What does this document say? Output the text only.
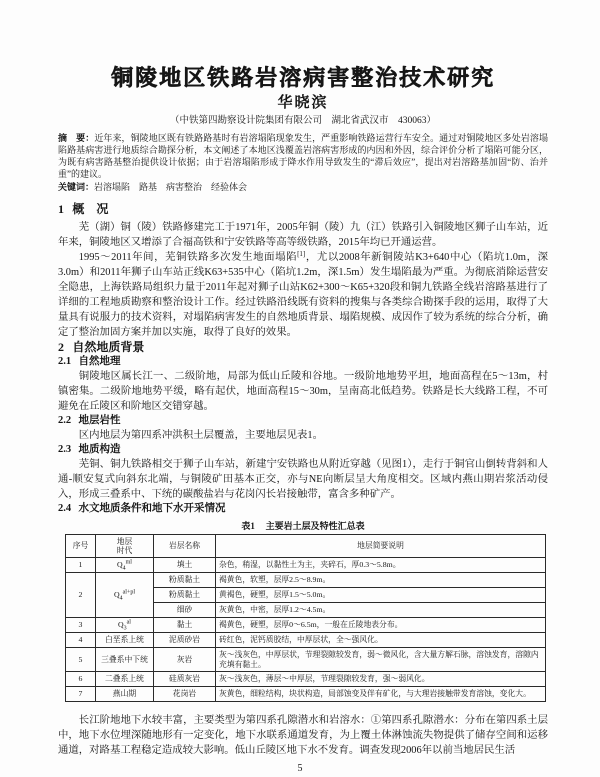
铜陵地区铁路岩溶病害整治技术研究
华晓滨
（中铁第四勘察设计院集团有限公司　湖北省武汉市　430063）

摘　要：近年来，铜陵地区既有铁路路基时有岩溶塌陷现象发生，严重影响铁路运营行车安全。通过对铜陵地区多处岩溶塌陷路基病害进行地质综合勘探分析，本文阐述了本地区浅覆盖岩溶病害形成的内因和外因，综合评价分析了塌陷可能分区，为既有病害路基整治提供设计依据；由于岩溶塌陷形成于降水作用导致发生的“滞后效应”，提出对岩溶路基加固“防、治并重”的建议。

关键词：岩溶塌陷　路基　病害整治　经验体会

1 概　况

芜（湖）铜（陵）铁路修建完工于1971年，2005年铜（陵）九（江）铁路引入铜陵地区狮子山车站，近年来，铜陵地区又增添了合福高铁和宁安铁路等高等级铁路，2015年均已开通运营。

1995～2011年间，芜铜铁路多次发生地面塌陷[1]，尤以2008年新铜陵站K3+640中心（陷坑1.0m，深3.0m）和2011年狮子山车站正线K63+535中心（陷坑1.2m，深1.5m）发生塌陷最为严重。为彻底消除运营安全隐患，上海铁路局组织力量于2011年起对狮子山站K62+300～K65+320段和铜九铁路全线岩溶路基进行了详细的工程地质勘察和整治设计工作。经过铁路沿线既有资料的搜集与各类综合勘探手段的运用，取得了大量具有说服力的技术资料，对塌陷病害发生的自然地质背景、塌陷规模、成因作了较为系统的综合分析，确定了整治加固方案并加以实施，取得了良好的效果。

2 自然地质背景
2.1 自然地理

铜陵地区属长江一、二级阶地，局部为低山丘陵和谷地。一级阶地地势平坦，地面高程在5～13m，村镇密集。二级阶地地势平缓，略有起伏，地面高程15～30m，呈南高北低趋势。铁路是长大线路工程，不可避免在丘陵区和阶地区交错穿越。

2.2 地层岩性

区内地层为第四系冲洪积土层覆盖，主要地层见表1。

2.3 地质构造

芜铜、铜九铁路相交于狮子山车站，新建宁安铁路也从附近穿越（见图1），走行于铜官山倒转背斜和人通-顺安复式向斜东北端，与铜陵矿田基本正交，亦与NE向断层呈大角度相交。区域内燕山期岩浆活动侵入，形成三叠系中、下统的碳酸盐岩与花岗闪长岩接触带，富含多种矿产。

2.4 水文地质条件和地下水开采情况
表1 主要岩土层及特性汇总表
序号	地层时代	岩层名称	地层简要说明
1	$Q_4^{ml}$	填土	杂色，稍湿，以黏性土为主，夹碎石，厚0.3～5.8m。
2	$Q_4^{al+pl}$	粉质黏土	褐黄色，软塑，层厚2.5～8.9m。
		粉质黏土	黄褐色，硬塑，层厚1.5～5.0m。
		细砂	灰黄色，中密，层厚1.2～4.5m。
3	$Q_3^{al}$	黏土	褐黄色，硬塑，层厚0～6.5m，一般在丘陵地表分布。
4	白垩系上统	泥质砂岩	砖红色，泥钙质胶结，中厚层状，全～强风化。
5	三叠系中下统	灰岩	灰～浅灰色，中厚层状，节理裂隙较发育，弱～微风化，含大量方解石脉，溶蚀发育，溶隙内充填有黏土。
6	二叠系上统	硅质灰岩	灰～浅灰色，薄层～中厚层，节理裂隙较发育，强～弱风化。
7	燕山期	花岗岩	灰黄色，细粒结构，块状构造，局部蚀变及伴有矿化，与大理岩接触带发育溶蚀，变化大。

长江阶地地下水较丰富，主要类型为第四系孔隙潜水和岩溶水：①第四系孔隙潜水：分布在第四系土层中，地下水位埋深随地形有一定变化，地下水联系通道发育，为上覆土体淋蚀流失物提供了储存空间和运移通道，对路基工程稳定造成较大影响。低山丘陵区地下水不发育。调查发现2006年以前当地居民生活

5
